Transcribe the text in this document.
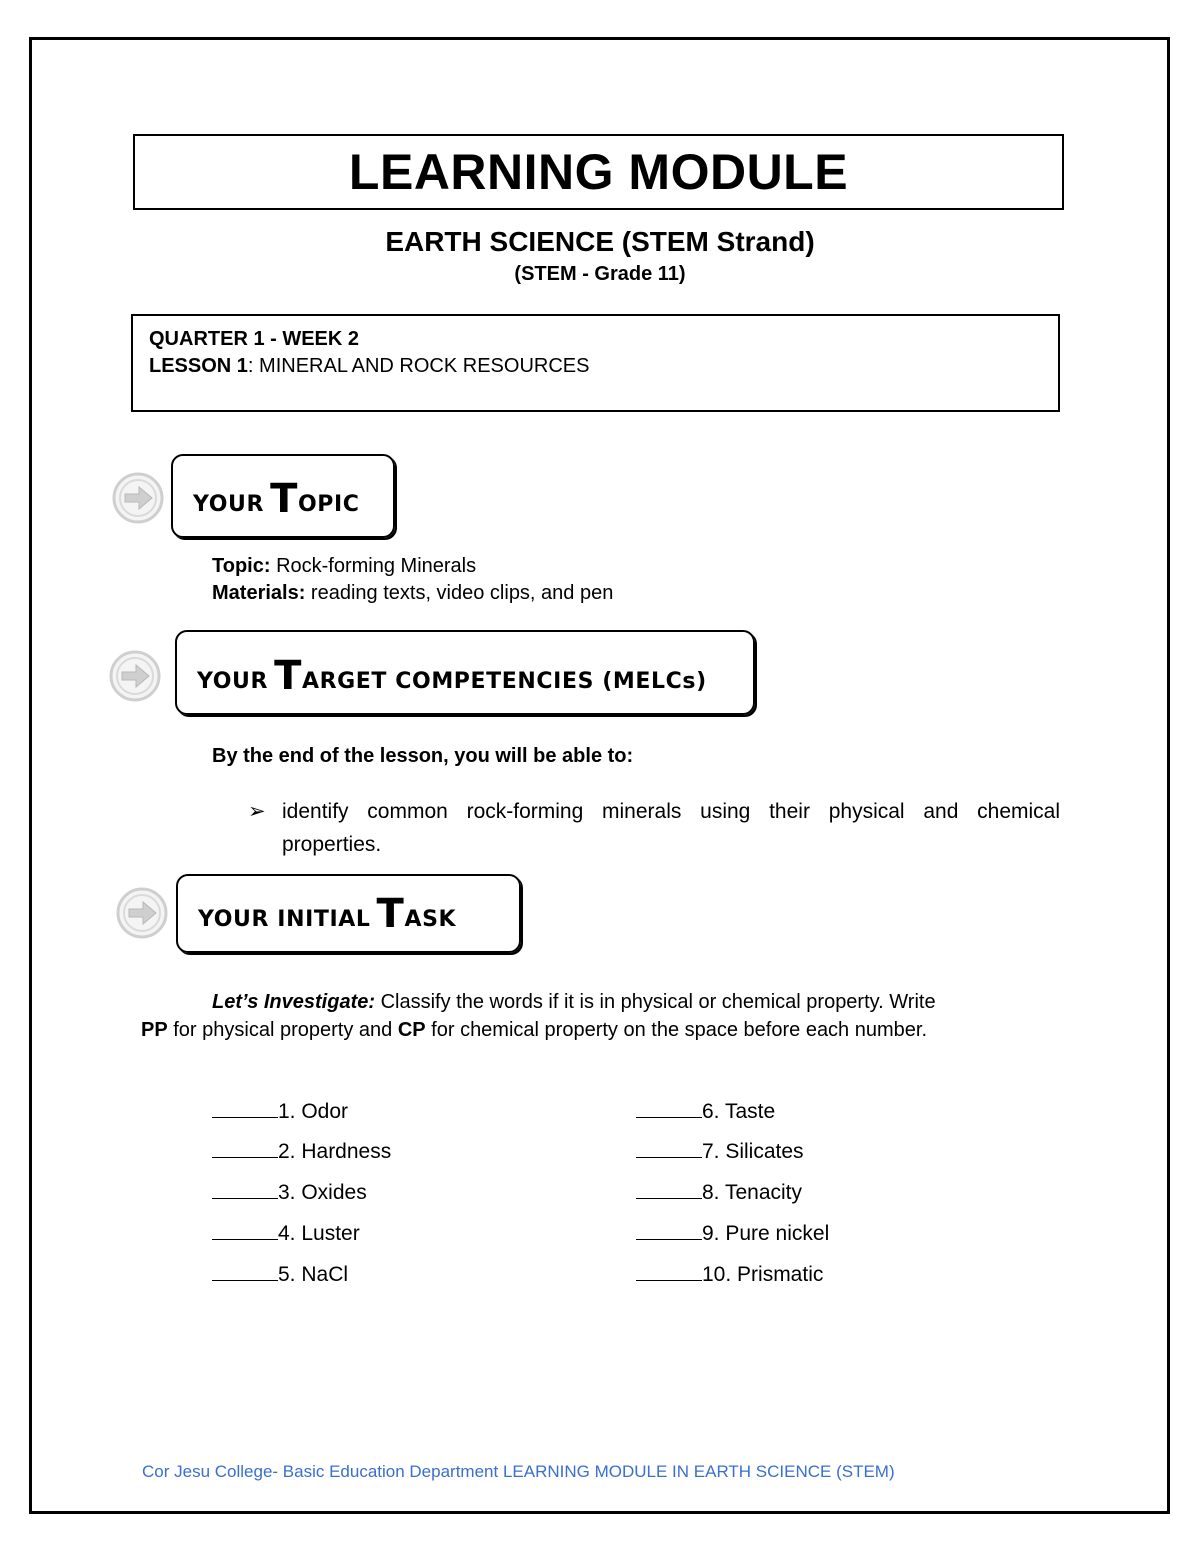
LEARNING MODULE
EARTH SCIENCE (STEM Strand)
(STEM - Grade 11)
QUARTER 1 - WEEK 2
LESSON 1: MINERAL AND ROCK RESOURCES
YOUR T OPIC
Topic: Rock-forming Minerals
Materials: reading texts, video clips, and pen
YOUR T ARGET COMPETENCIES (MELCs)
By the end of the lesson, you will be able to:
➢ identify common rock-forming minerals using their physical and chemical properties.
YOUR INITIAL T ASK
Let’s Investigate: Classify the words if it is in physical or chemical property. Write
PP for physical property and CP for chemical property on the space before each number.
1. Odor
2. Hardness
3. Oxides
4. Luster
5. NaCl
6. Taste
7. Silicates
8. Tenacity
9. Pure nickel
10. Prismatic
Cor Jesu College- Basic Education Department LEARNING MODULE IN EARTH SCIENCE (STEM)
